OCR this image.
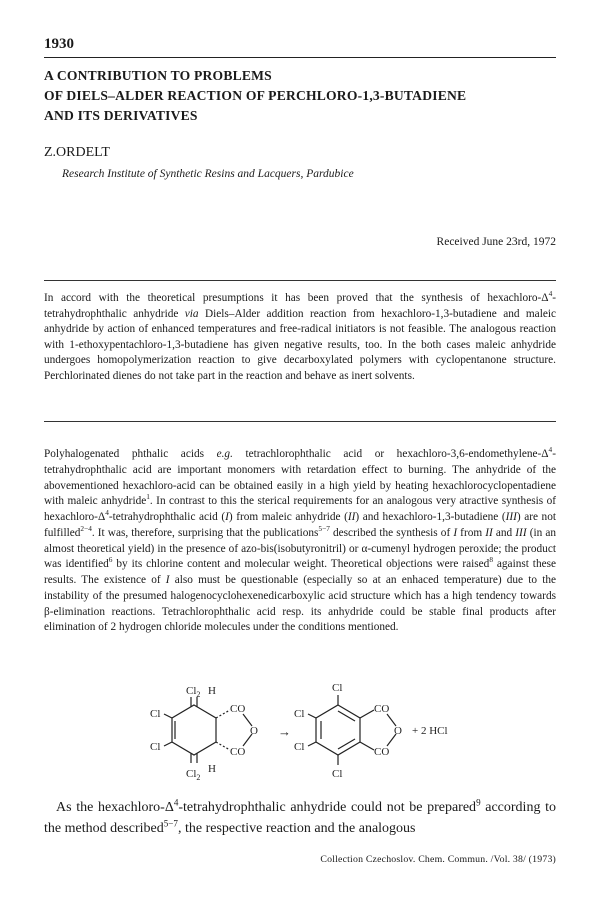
1930
A CONTRIBUTION TO PROBLEMS
OF DIELS–ALDER REACTION OF PERCHLORO-1,3-BUTADIENE
AND ITS DERIVATIVES
Z.ORDELT
Research Institute of Synthetic Resins and Lacquers, Pardubice
Received June 23rd, 1972
In accord with the theoretical presumptions it has been proved that the synthesis of hexachloro-$\Delta^4$-tetrahydrophthalic anhydride via Diels–Alder addition reaction from hexachloro-1,3-butadiene and maleic anhydride by action of enhanced temperatures and free-radical initiators is not feasible. The analogous reaction with 1-ethoxypentachloro-1,3-butadiene has given negative results, too. In the both cases maleic anhydride undergoes homopolymerization reaction to give decarboxylated polymers with cyclopentanone structure. Perchlorinated dienes do not take part in the reaction and behave as inert solvents.
Polyhalogenated phthalic acids e.g. tetrachlorophthalic acid or hexachloro-$3,6-endomethylene-\Delta^4$-tetrahydrophthalic acid are important monomers with retardation effect to burning. The anhydride of the abovementioned hexachloro-acid can be obtained easily in a high yield by heating hexachlorocyclopentadiene with maleic anhydride$^1$. In contrast to this the sterical requirements for an analogous very atractive synthesis of hexachloro-$\Delta^4$-tetrahydrophthalic acid (I) from maleic anhydride (II) and hexachloro-1,3-butadiene (III) are not fulfilled$^{2-4}$. It was, therefore, surprising that the publications$^{5-7}$ described the synthesis of I from II and III (in an almost theoretical yield) in the presence of azo-bis(isobutyronitril) or α-cumenyl hydrogen peroxide; the product was identified$^6$ by its chlorine content and molecular weight. Theoretical objections were raised$^8$ against these results. The existence of I also must be questionable (especially so at an enhaced temperature) due to the instability of the presumed halogenocyclohexenedicarboxylic acid structure which has a high tendency towards β-elimination reactions. Tetrachlorophthalic acid resp. its anhydride could be stable final products after elimination of 2 hydrogen chloride molecules under the conditions mentioned.
$Cl_2$ H
Cl
Cl
CO
CO
O
$Cl_2$
H
→
Cl
Cl
Cl
Cl
CO
CO
O + 2 HCl
As the hexachloro-$\Delta^4$-tetrahydrophthalic anhydride could not be prepared$^9$ according to the method described$^{5-7}$, the respective reaction and the analogous
Collection Czechoslov. Chem. Commun. /Vol. 38/ (1973)
